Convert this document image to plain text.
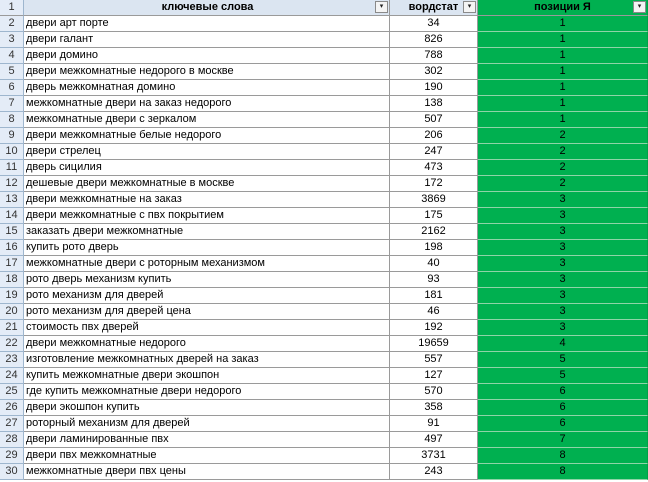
1	ключевые слова	▾	вордстат	▾	позиции Я	▾
2	двери арт порте	34	1
3	двери галант	826	1
4	двери домино	788	1
5	двери межкомнатные недорого в москве	302	1
6	дверь межкомнатная домино	190	1
7	межкомнатные двери на заказ недорого	138	1
8	межкомнатные двери с зеркалом	507	1
9	двери межкомнатные белые недорого	206	2
10 двери стрелец	247	2
11 дверь сицилия	473	2
12 дешевые двери межкомнатные в москве	172	2
13 двери межкомнатные на заказ	3869	3
14 двери межкомнатные с пвх покрытием	175	3
15 заказать двери межкомнатные	2162	3
16 купить рото дверь	198	3
17 межкомнатные двери с роторным механизмом	40	3
18 рото дверь механизм купить	93	3
19 рото механизм для дверей	181	3
20 рото механизм для дверей цена	46	3
21 стоимость пвх дверей	192	3
22 двери межкомнатные недорого	19659	4
23 изготовление межкомнатных дверей на заказ	557	5
24 купить межкомнатные двери экошпон	127	5
25 где купить межкомнатные двери недорого	570	6
26 двери экошпон купить	358	6
27 роторный механизм для дверей	91	6
28 двери ламинированные пвх	497	7
29 двери пвх межкомнатные	3731	8
30 межкомнатные двери пвх цены	243	8
